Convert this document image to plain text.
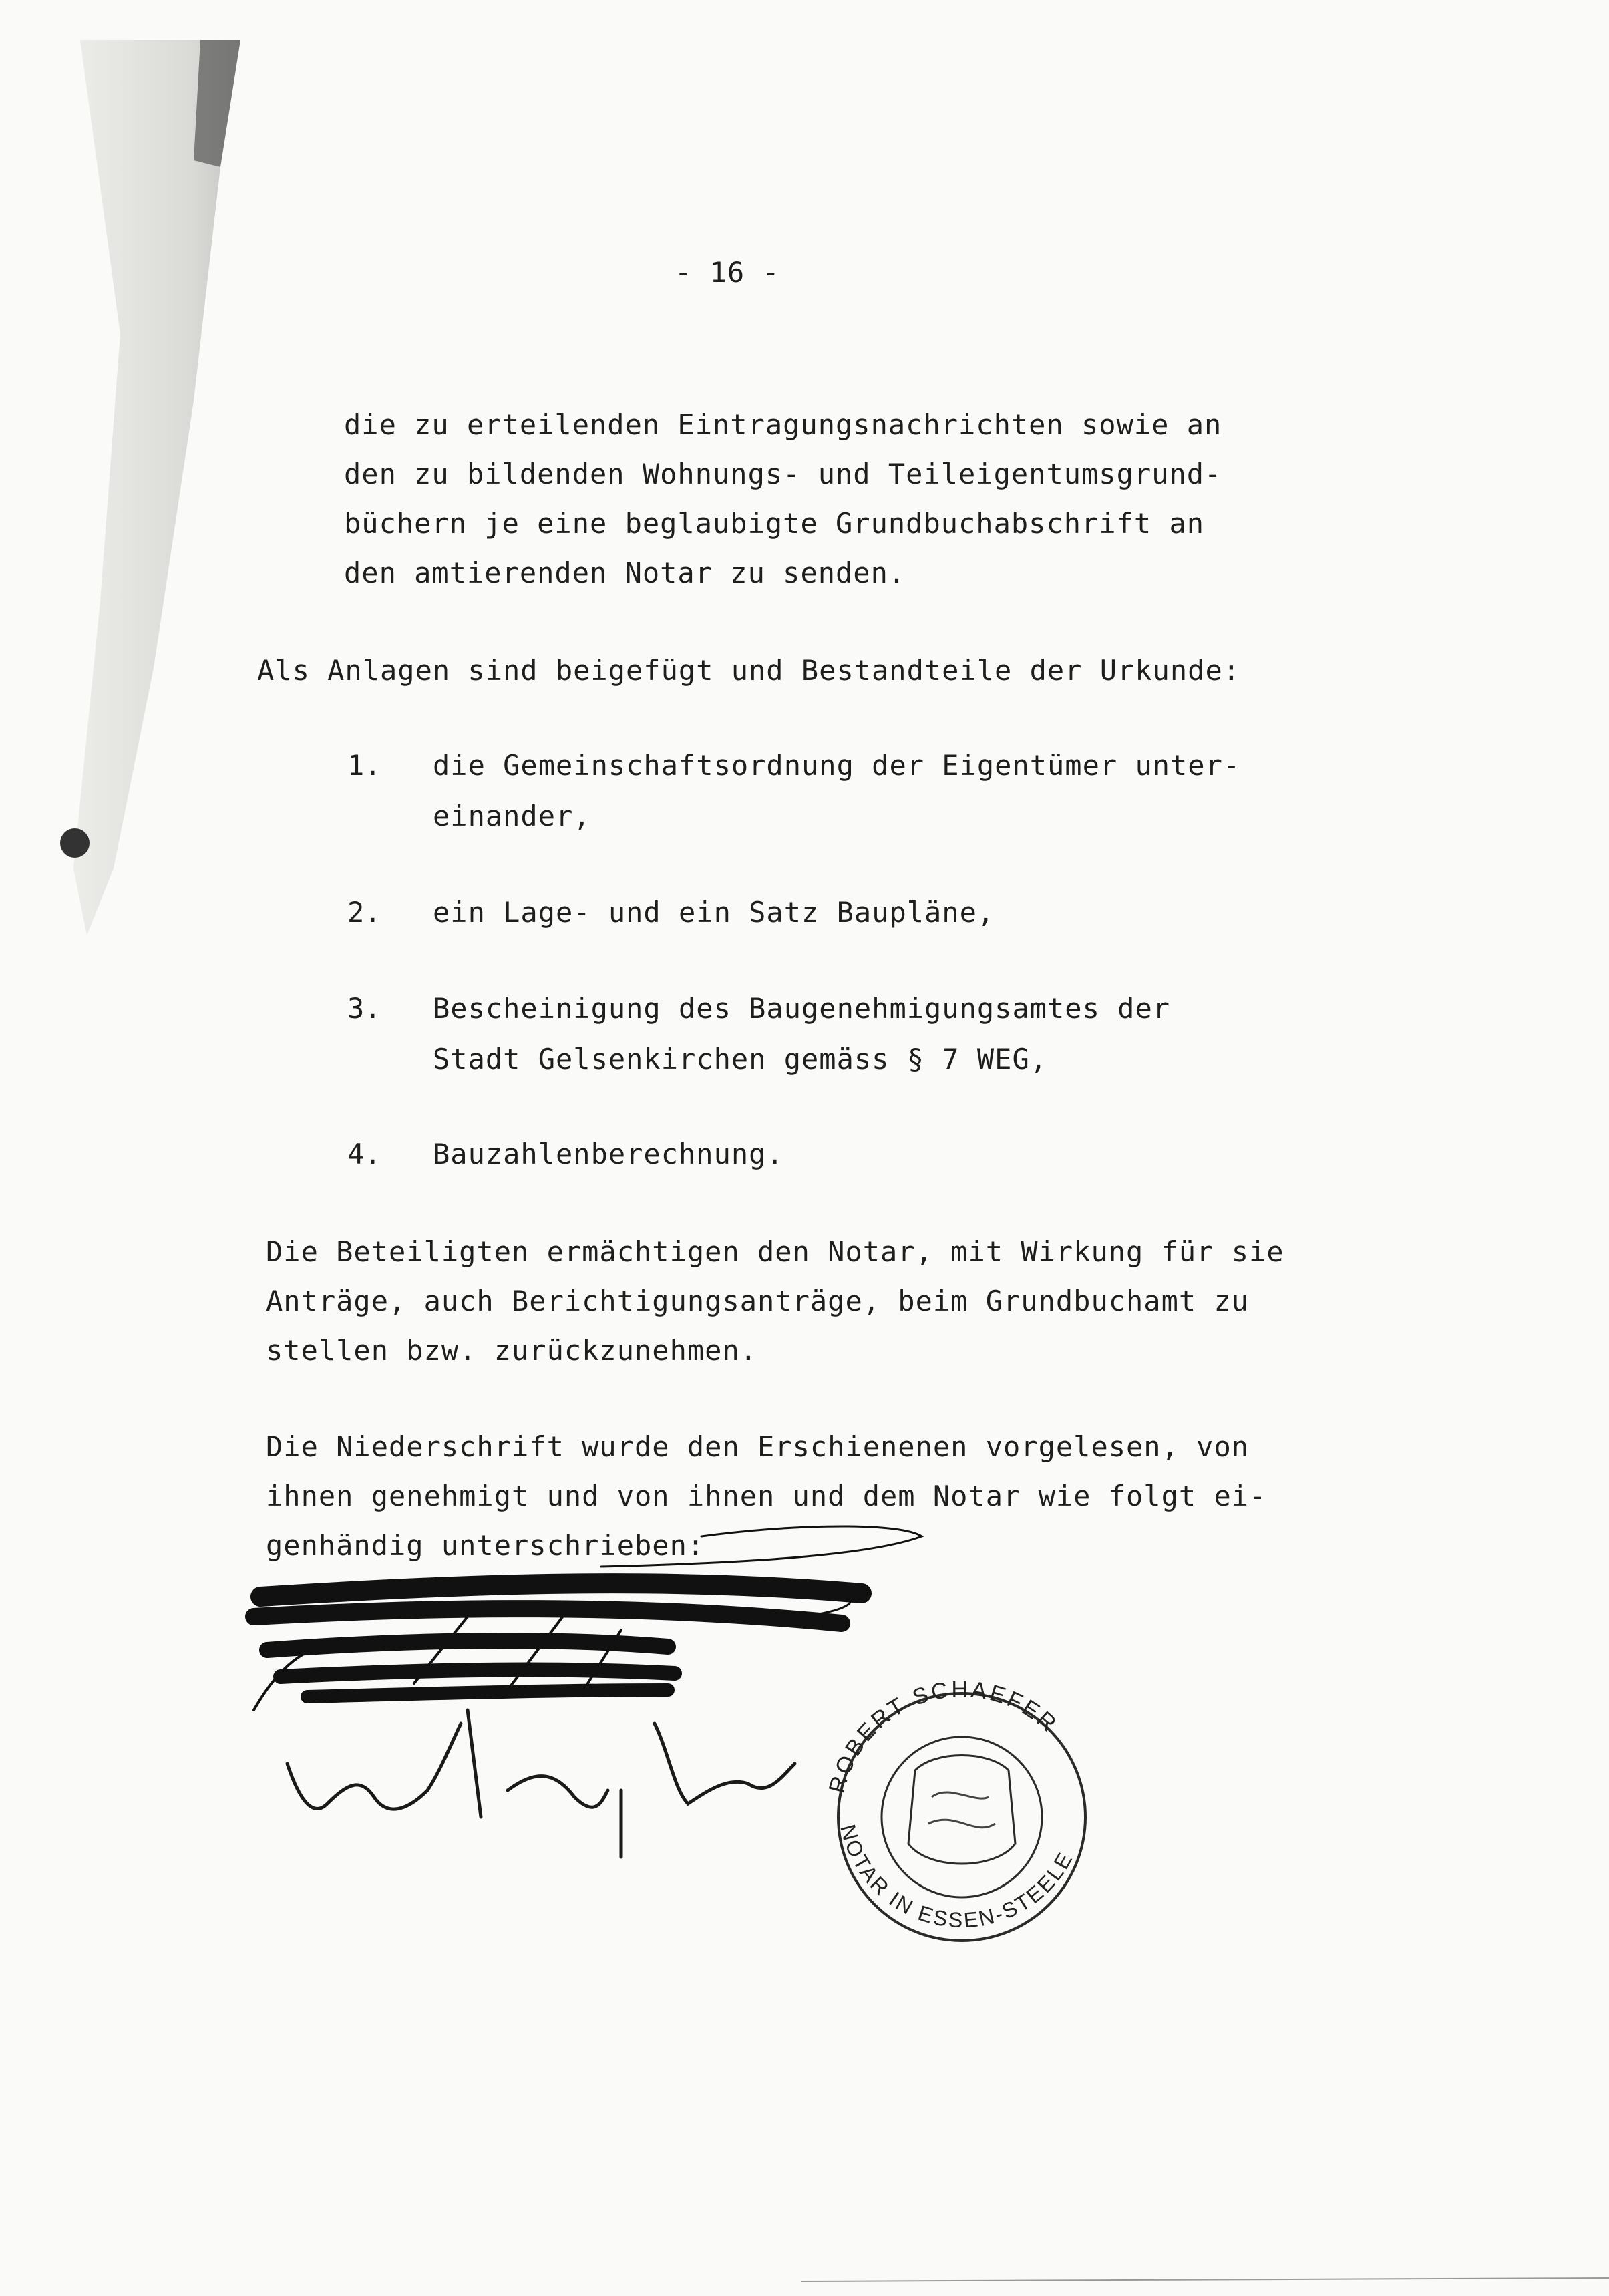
- 16 -
die zu erteilenden Eintragungsnachrichten sowie an
den zu bildenden Wohnungs- und Teileigentumsgrund-
büchern je eine beglaubigte Grundbuchabschrift an
den amtierenden Notar zu senden.
Als Anlagen sind beigefügt und Bestandteile der Urkunde:
1. die Gemeinschaftsordnung der Eigentümer unter-
einander,
2. ein Lage- und ein Satz Baupläne,
3. Bescheinigung des Baugenehmigungsamtes der
Stadt Gelsenkirchen gemäss § 7 WEG,
4. Bauzahlenberechnung.
Die Beteiligten ermächtigen den Notar, mit Wirkung für sie
Anträge, auch Berichtigungsanträge, beim Grundbuchamt zu
stellen bzw. zurückzunehmen.
Die Niederschrift wurde den Erschienenen vorgelesen, von
ihnen genehmigt und von ihnen und dem Notar wie folgt ei-
genhändig unterschrieben:
ROBERT SCHAEFER
NOTAR IN ESSEN-STEELE
